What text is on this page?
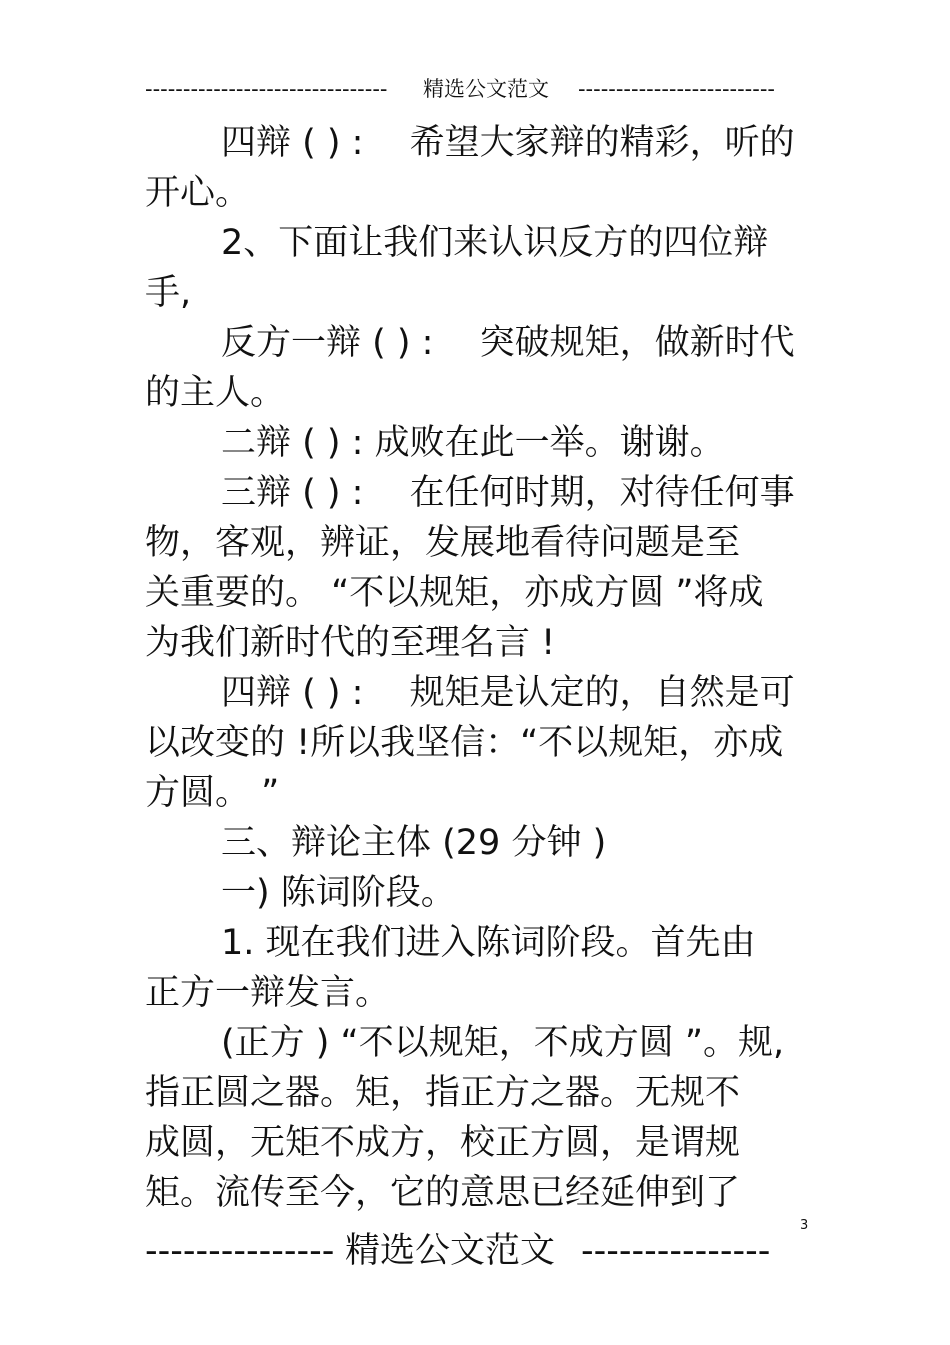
--------------------------------	精选公文范文 --------------------------
四辩 ( ) :　 希望大家辩的精彩，听的
开心。
2、下面让我们来认识反方的四位辩
手,
反方一辩 ( ) :　 突破规矩，做新时代
的主人。
二辩 ( ) : 成败在此一举。谢谢。
三辩 ( ) :　 在任何时期，对待任何事
物，客观，辨证，发展地看待问题是至
关重要的。 “不以规矩，亦成方圆 ”将成
为我们新时代的至理名言 !
四辩 ( ) :　 规矩是认定的，自然是可
以改变的 !所以我坚信：“不以规矩，亦成
方圆。 ”
三、辩论主体 (29 分钟 )
一) 陈词阶段。
1. 现在我们进入陈词阶段。首先由
正方一辩发言。
(正方 ) “不以规矩，不成方圆 ”。规,
指正圆之器。矩，指正方之器。无规不
成圆，无矩不成方，校正方圆，是谓规
矩。流传至今，它的意思已经延伸到了
3
--------------- 精选公文范文 ---------------
